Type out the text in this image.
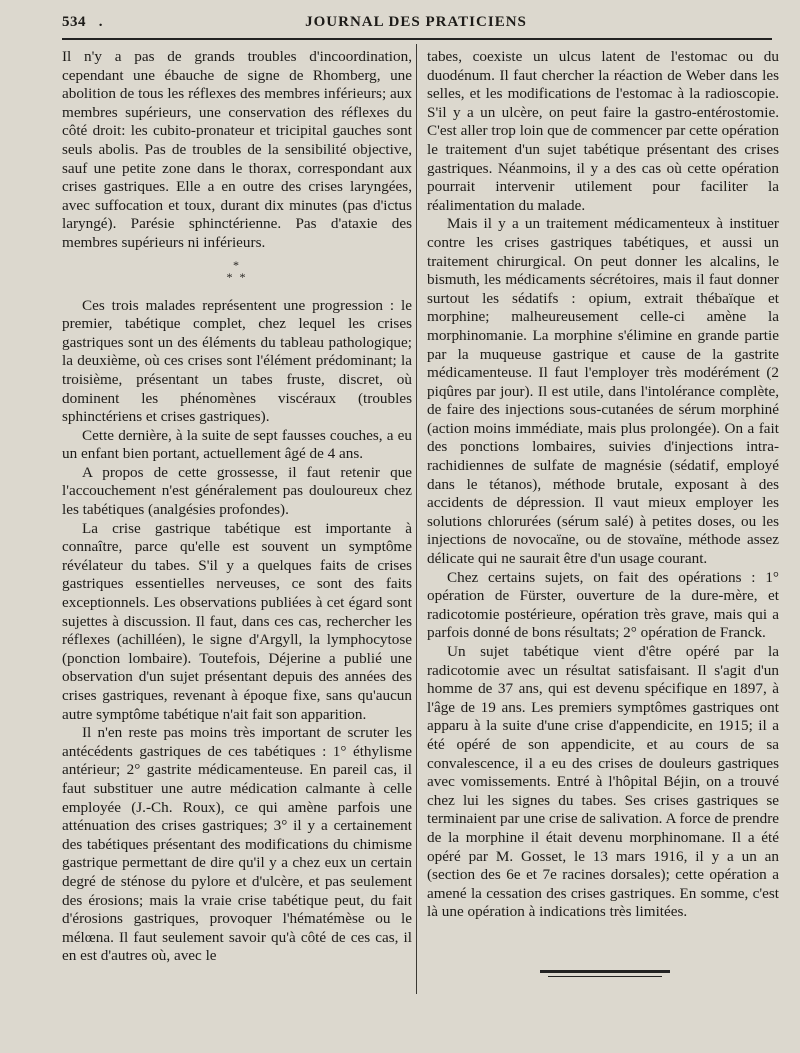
534 .	JOURNAL DES PRATICIENS

Il n'y a pas de grands troubles d'incoordination, cependant une ébauche de signe de Rhomberg, une abolition de tous les réflexes des membres inférieurs; aux membres supérieurs, une conservation des réflexes du côté droit: les cubito-pronateur et tricipital gauches sont seuls abolis. Pas de troubles de la sensibilité objective, sauf une petite zone dans le thorax, correspondant aux crises gastriques. Elle a en outre des crises laryngées, avec suffocation et toux, durant dix minutes (pas d'ictus laryngé). Parésie sphinctérienne. Pas d'ataxie des membres supérieurs ni inférieurs.

*
* *

Ces trois malades représentent une progression : le premier, tabétique complet, chez lequel les crises gastriques sont un des éléments du tableau pathologique; la deuxième, où ces crises sont l'élément prédominant; la troisième, présentant un tabes fruste, discret, où dominent les phénomènes viscéraux (troubles sphinctériens et crises gastriques).

Cette dernière, à la suite de sept fausses couches, a eu un enfant bien portant, actuellement âgé de 4 ans.

A propos de cette grossesse, il faut retenir que l'accouchement n'est généralement pas douloureux chez les tabétiques (analgésies profondes).

La crise gastrique tabétique est importante à connaître, parce qu'elle est souvent un symptôme révélateur du tabes. S'il y a quelques faits de crises gastriques essentielles nerveuses, ce sont des faits exceptionnels. Les observations publiées à cet égard sont sujettes à discussion. Il faut, dans ces cas, rechercher les réflexes (achilléen), le signe d'Argyll, la lymphocytose (ponction lombaire). Toutefois, Déjerine a publié une observation d'un sujet présentant depuis des années des crises gastriques, revenant à époque fixe, sans qu'aucun autre symptôme tabétique n'ait fait son apparition.

Il n'en reste pas moins très important de scruter les antécédents gastriques de ces tabétiques : 1° éthylisme antérieur; 2° gastrite médicamenteuse. En pareil cas, il faut substituer une autre médication calmante à celle employée (J.-Ch. Roux), ce qui amène parfois une atténuation des crises gastriques; 3° il y a certainement des tabétiques présentant des modifications du chimisme gastrique permettant de dire qu'il y a chez eux un certain degré de sténose du pylore et d'ulcère, et pas seulement des érosions; mais la vraie crise tabétique peut, du fait d'érosions gastriques, provoquer l'hématémèse ou le mélœna. Il faut seulement savoir qu'à côté de ces cas, il en est d'autres où, avec le

tabes, coexiste un ulcus latent de l'estomac ou du duodénum. Il faut chercher la réaction de Weber dans les selles, et les modifications de l'estomac à la radioscopie. S'il y a un ulcère, on peut faire la gastro-entérostomie. C'est aller trop loin que de commencer par cette opération le traitement d'un sujet tabétique présentant des crises gastriques. Néanmoins, il y a des cas où cette opération pourrait intervenir utilement pour faciliter la réalimentation du malade.

Mais il y a un traitement médicamenteux à instituer contre les crises gastriques tabétiques, et aussi un traitement chirurgical. On peut donner les alcalins, le bismuth, les médicaments sécrétoires, mais il faut donner surtout les sédatifs : opium, extrait thébaïque et morphine; malheureusement celle-ci amène la morphinomanie. La morphine s'élimine en grande partie par la muqueuse gastrique et cause de la gastrite médicamenteuse. Il faut l'employer très modérément (2 piqûres par jour). Il est utile, dans l'intolérance complète, de faire des injections sous-cutanées de sérum morphiné (action moins immédiate, mais plus prolongée). On a fait des ponctions lombaires, suivies d'injections intra-rachidiennes de sulfate de magnésie (sédatif, employé dans le tétanos), méthode brutale, exposant à des accidents de dépression. Il vaut mieux employer les solutions chlorurées (sérum salé) à petites doses, ou les injections de novocaïne, ou de stovaïne, méthode assez délicate qui ne saurait être d'un usage courant.

Chez certains sujets, on fait des opérations : 1° opération de Fürster, ouverture de la dure-mère, et radicotomie postérieure, opération très grave, mais qui a parfois donné de bons résultats; 2° opération de Franck.

Un sujet tabétique vient d'être opéré par la radicotomie avec un résultat satisfaisant. Il s'agit d'un homme de 37 ans, qui est devenu spécifique en 1897, à l'âge de 19 ans. Les premiers symptômes gastriques ont apparu à la suite d'une crise d'appendicite, en 1915; il a été opéré de son appendicite, et au cours de sa convalescence, il a eu des crises de douleurs gastriques avec vomissements. Entré à l'hôpital Béjin, on a trouvé chez lui les signes du tabes. Ses crises gastriques se terminaient par une crise de salivation. A force de prendre de la morphine il était devenu morphinomane. Il a été opéré par M. Gosset, le 13 mars 1916, il y a un an (section des 6e et 7e racines dorsales); cette opération a amené la cessation des crises gastriques. En somme, c'est là une opération à indications très limitées.
